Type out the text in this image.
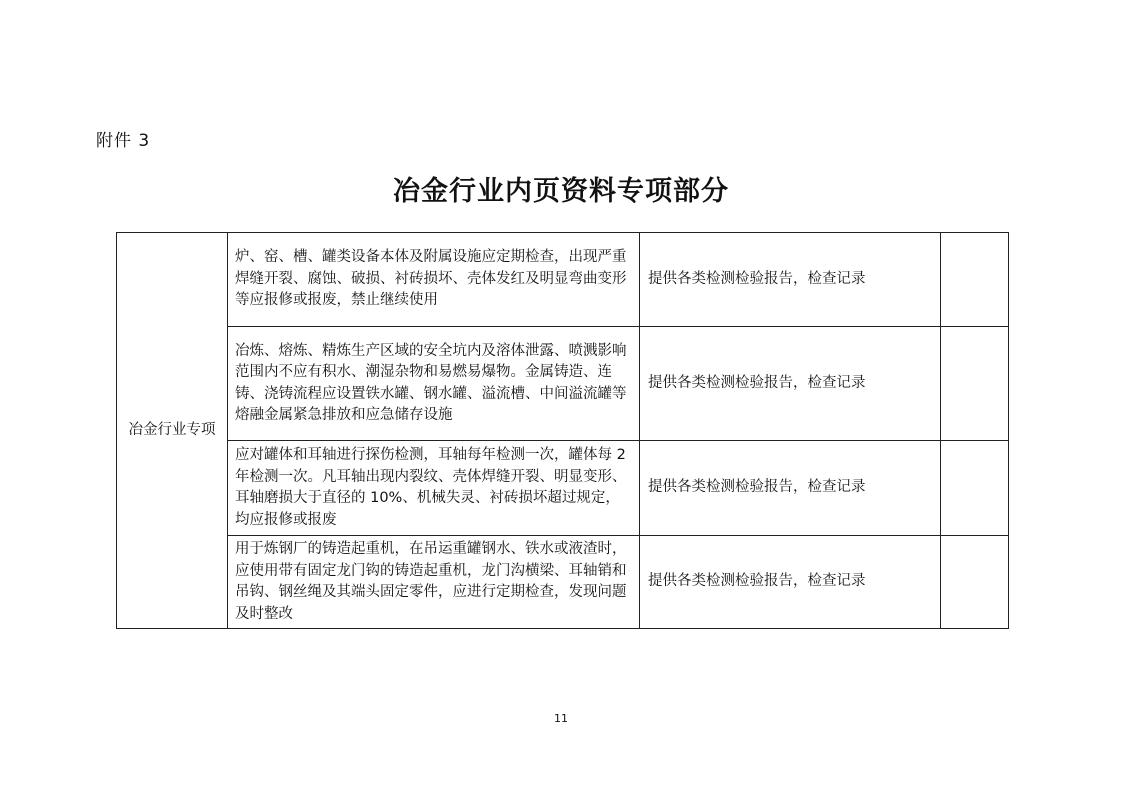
附件 3
冶金行业内页资料专项部分
冶金行业专项	炉、窑、槽、罐类设备本体及附属设施应定期检查，出现严重焊缝开裂、腐蚀、破损、衬砖损坏、壳体发红及明显弯曲变形等应报修或报废，禁止继续使用	提供各类检测检验报告，检查记录	
	冶炼、熔炼、精炼生产区域的安全坑内及溶体泄露、喷溅影响范围内不应有积水、潮湿杂物和易燃易爆物。金属铸造、连铸、浇铸流程应设置铁水罐、钢水罐、溢流槽、中间溢流罐等熔融金属紧急排放和应急储存设施	提供各类检测检验报告，检查记录	
	应对罐体和耳轴进行探伤检测，耳轴每年检测一次，罐体每 2 年检测一次。凡耳轴出现内裂纹、壳体焊缝开裂、明显变形、耳轴磨损大于直径的 10%、机械失灵、衬砖损坏超过规定，均应报修或报废	提供各类检测检验报告，检查记录	
	用于炼钢厂的铸造起重机，在吊运重罐钢水、铁水或液渣时，应使用带有固定龙门钩的铸造起重机，龙门沟横梁、耳轴销和吊钩、钢丝绳及其端头固定零件，应进行定期检查，发现问题及时整改	提供各类检测检验报告，检查记录	
11
